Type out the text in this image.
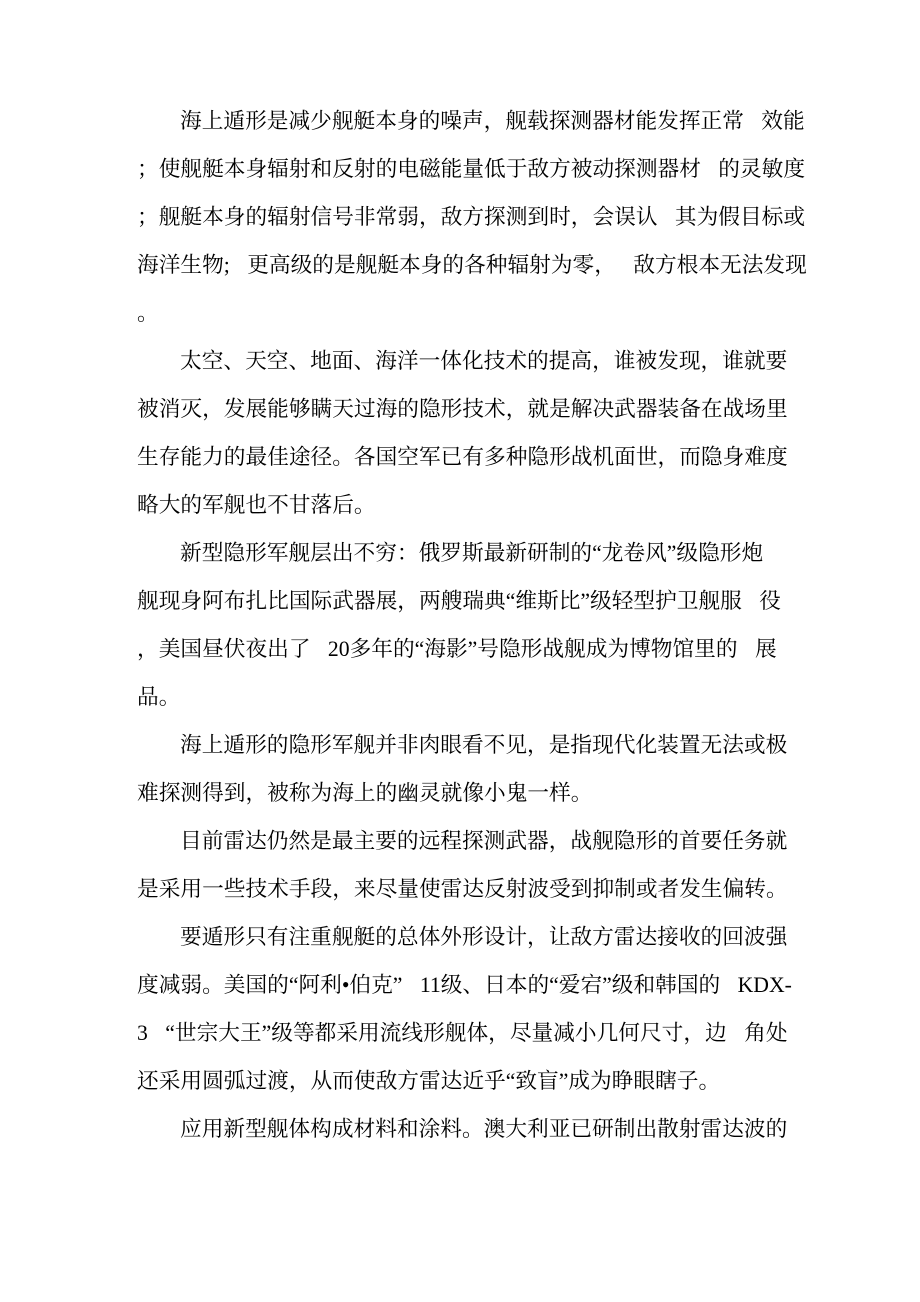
海上遁形是减少舰艇本身的噪声，舰载探测器材能发挥正常 效能
；使舰艇本身辐射和反射的电磁能量低于敌方被动探测器材 的灵敏度
；舰艇本身的辐射信号非常弱，敌方探测到时，会误认 其为假目标或
海洋生物; 更高级的是舰艇本身的各种辐射为零， 敌方根本无法发现
。
太空、天空、地面、海洋一体化技术的提高，谁被发现，谁就要
被消灭，发展能够瞒天过海的隐形技术，就是解决武器装备在战场里
生存能力的最佳途径。各国空军已有多种隐形战机面世，而隐身难度
略大的军舰也不甘落后。
新型隐形军舰层出不穷：俄罗斯最新研制的“龙卷风”级隐形炮
舰现身阿布扎比国际武器展，两艘瑞典“维斯比”级轻型护卫舰服 役
，美国昼伏夜出了 20多年的“海影”号隐形战舰成为博物馆里的 展
品。
海上遁形的隐形军舰并非肉眼看不见，是指现代化装置无法或极
难探测得到，被称为海上的幽灵就像小鬼一样。
目前雷达仍然是最主要的远程探测武器，战舰隐形的首要任务就
是采用一些技术手段，来尽量使雷达反射波受到抑制或者发生偏转。
要遁形只有注重舰艇的总体外形设计，让敌方雷达接收的回波强
度减弱。美国的“阿利•伯克” 11级、日本的“爱宕”级和韩国的 KDX-
3 “世宗大王”级等都采用流线形舰体，尽量减小几何尺寸，边 角处
还采用圆弧过渡，从而使敌方雷达近乎“致盲”成为睁眼瞎子。
应用新型舰体构成材料和涂料。澳大利亚已研制出散射雷达波的
